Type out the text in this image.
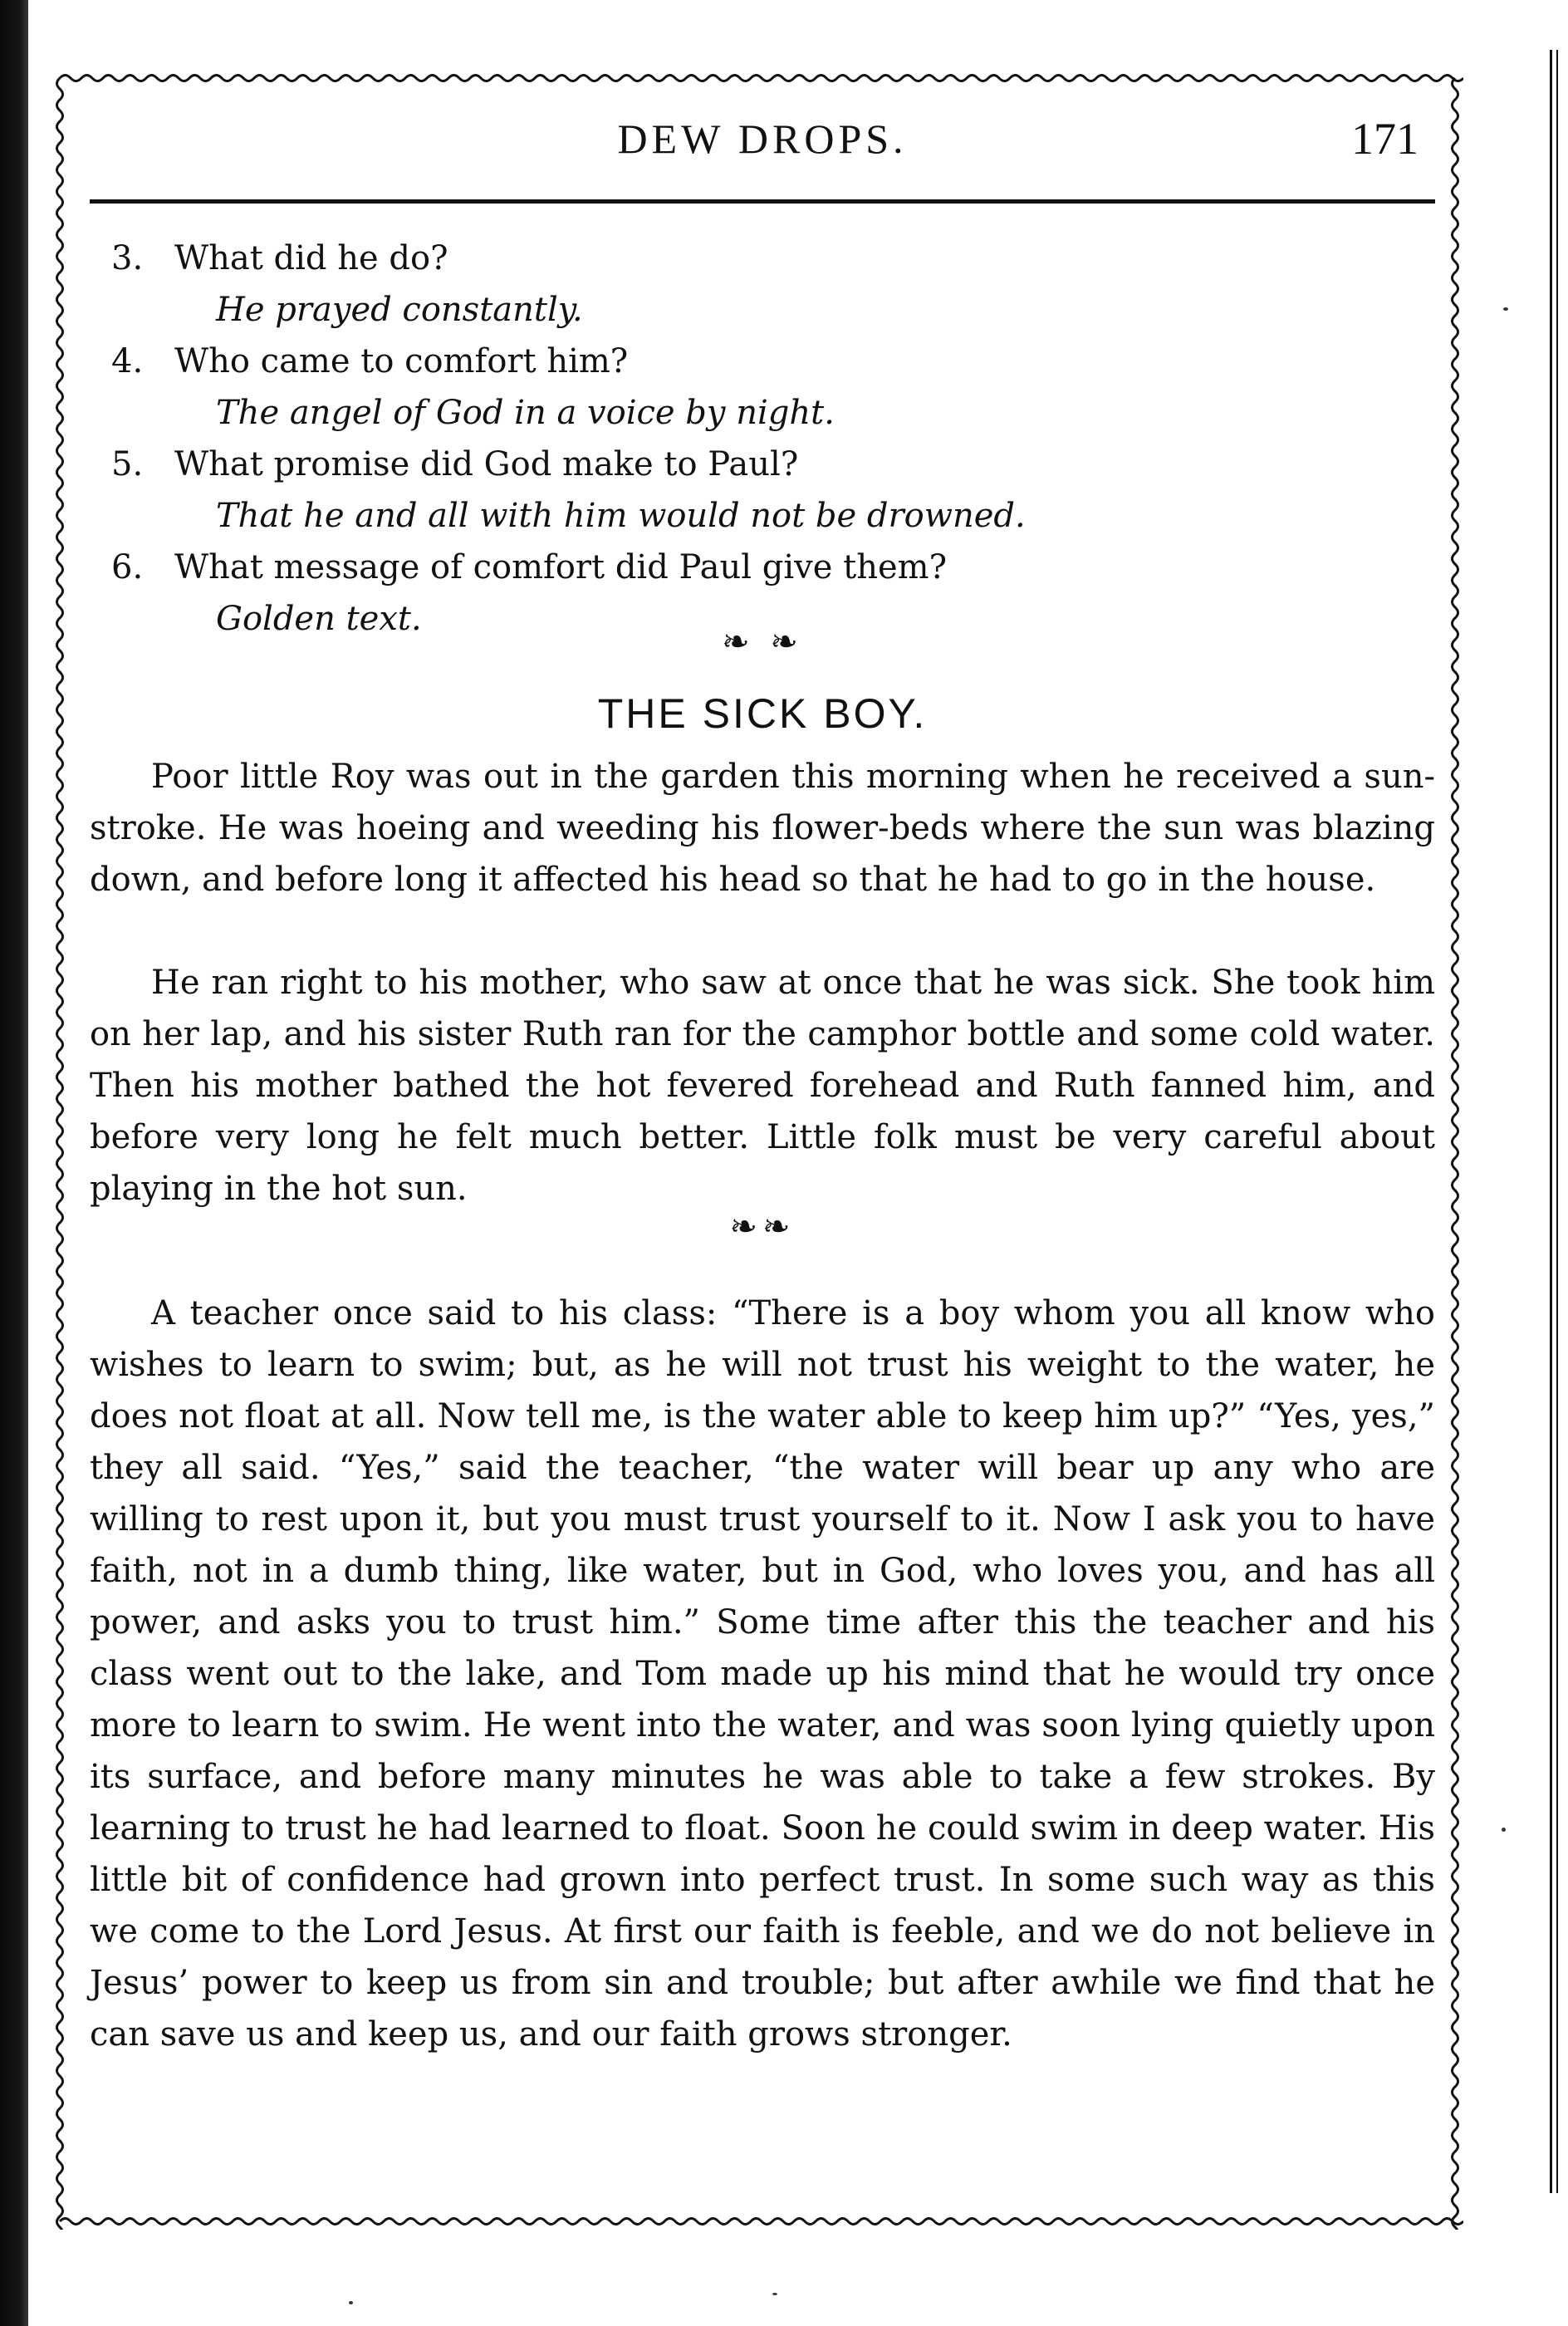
DEW DROPS.	171
3. What did he do?
He prayed constantly.
4. Who came to comfort him?
The angel of God in a voice by night.
5. What promise did God make to Paul?
That he and all with him would not be drowned.
6. What message of comfort did Paul give them?
Golden text.
❧ ❧
THE SICK BOY.

Poor little Roy was out in the garden this morning when he received a sun-stroke. He was hoeing and weeding his flower-beds where the sun was blazing down, and before long it affected his head so that he had to go in the house.

He ran right to his mother, who saw at once that he was sick. She took him on her lap, and his sister Ruth ran for the camphor bottle and some cold water. Then his mother bathed the hot fevered forehead and Ruth fanned him, and before very long he felt much better. Little folk must be very careful about playing in the hot sun.

❧❧

A teacher once said to his class: “There is a boy whom you all know who wishes to learn to swim; but, as he will not trust his weight to the water, he does not float at all. Now tell me, is the water able to keep him up?” “Yes, yes,” they all said. “Yes,” said the teacher, “the water will bear up any who are willing to rest upon it, but you must trust yourself to it. Now I ask you to have faith, not in a dumb thing, like water, but in God, who loves you, and has all power, and asks you to trust him.” Some time after this the teacher and his class went out to the lake, and Tom made up his mind that he would try once more to learn to swim. He went into the water, and was soon lying quietly upon its surface, and before many minutes he was able to take a few strokes. By learning to trust he had learned to float. Soon he could swim in deep water. His little bit of confidence had grown into perfect trust. In some such way as this we come to the Lord Jesus. At first our faith is feeble, and we do not believe in Jesus’ power to keep us from sin and trouble; but after awhile we find that he can save us and keep us, and our faith grows stronger.
